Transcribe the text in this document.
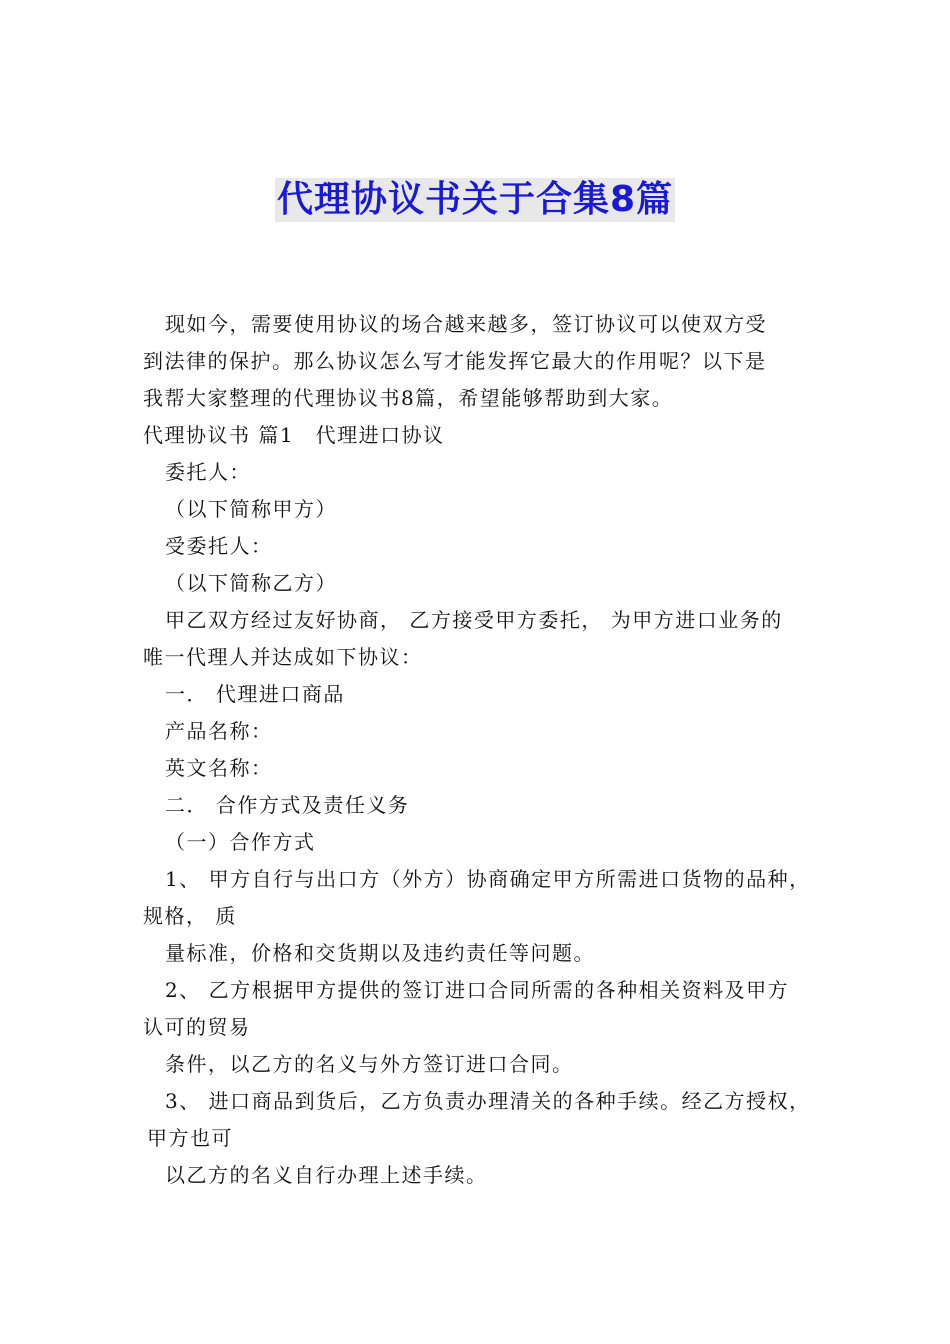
代理协议书关于合集8篇
现如今，需要使用协议的场合越来越多，签订协议可以使双方受
到法律的保护。那么协议怎么写才能发挥它最大的作用呢？以下是
我帮大家整理的代理协议书8篇，希望能够帮助到大家。
代理协议书 篇1　代理进口协议
委托人：
（以下简称甲方）
受委托人：
（以下简称乙方）
甲乙双方经过友好协商， 乙方接受甲方委托， 为甲方进口业务的
唯一代理人并达成如下协议：
一． 代理进口商品
产品名称：
英文名称：
二． 合作方式及责任义务
（一）合作方式
1、 甲方自行与出口方（外方）协商确定甲方所需进口货物的品种，
规格， 质
量标准，价格和交货期以及违约责任等问题。
2、 乙方根据甲方提供的签订进口合同所需的各种相关资料及甲方
认可的贸易
条件，以乙方的名义与外方签订进口合同。
3、 进口商品到货后，乙方负责办理清关的各种手续。经乙方授权，
甲方也可
以乙方的名义自行办理上述手续。
